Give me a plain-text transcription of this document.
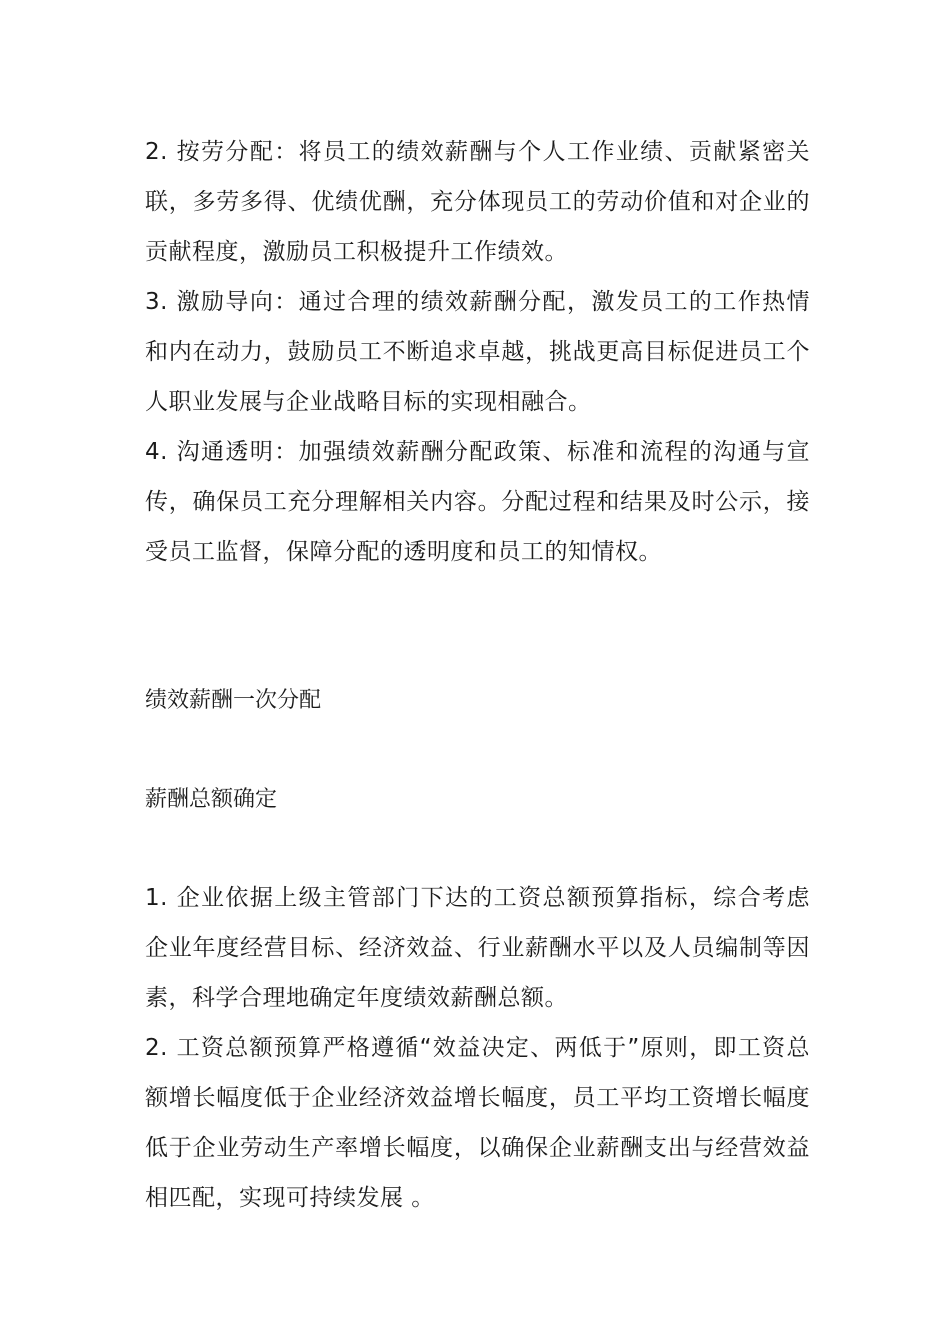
2. 按劳分配：将员工的绩效薪酬与个人工作业绩、贡献紧密关联，多劳多得、优绩优酬，充分体现员工的劳动价值和对企业的贡献程度，激励员工积极提升工作绩效。

3. 激励导向：通过合理的绩效薪酬分配，激发员工的工作热情和内在动力，鼓励员工不断追求卓越，挑战更高目标促进员工个人职业发展与企业战略目标的实现相融合。

4. 沟通透明：加强绩效薪酬分配政策、标准和流程的沟通与宣传，确保员工充分理解相关内容。分配过程和结果及时公示，接受员工监督，保障分配的透明度和员工的知情权。

绩效薪酬一次分配
薪酬总额确定

1. 企业依据上级主管部门下达的工资总额预算指标，综合考虑企业年度经营目标、经济效益、行业薪酬水平以及人员编制等因素，科学合理地确定年度绩效薪酬总额。

2. 工资总额预算严格遵循“效益决定、两低于”原则，即工资总额增长幅度低于企业经济效益增长幅度，员工平均工资增长幅度低于企业劳动生产率增长幅度，以确保企业薪酬支出与经营效益相匹配，实现可持续发展 。
